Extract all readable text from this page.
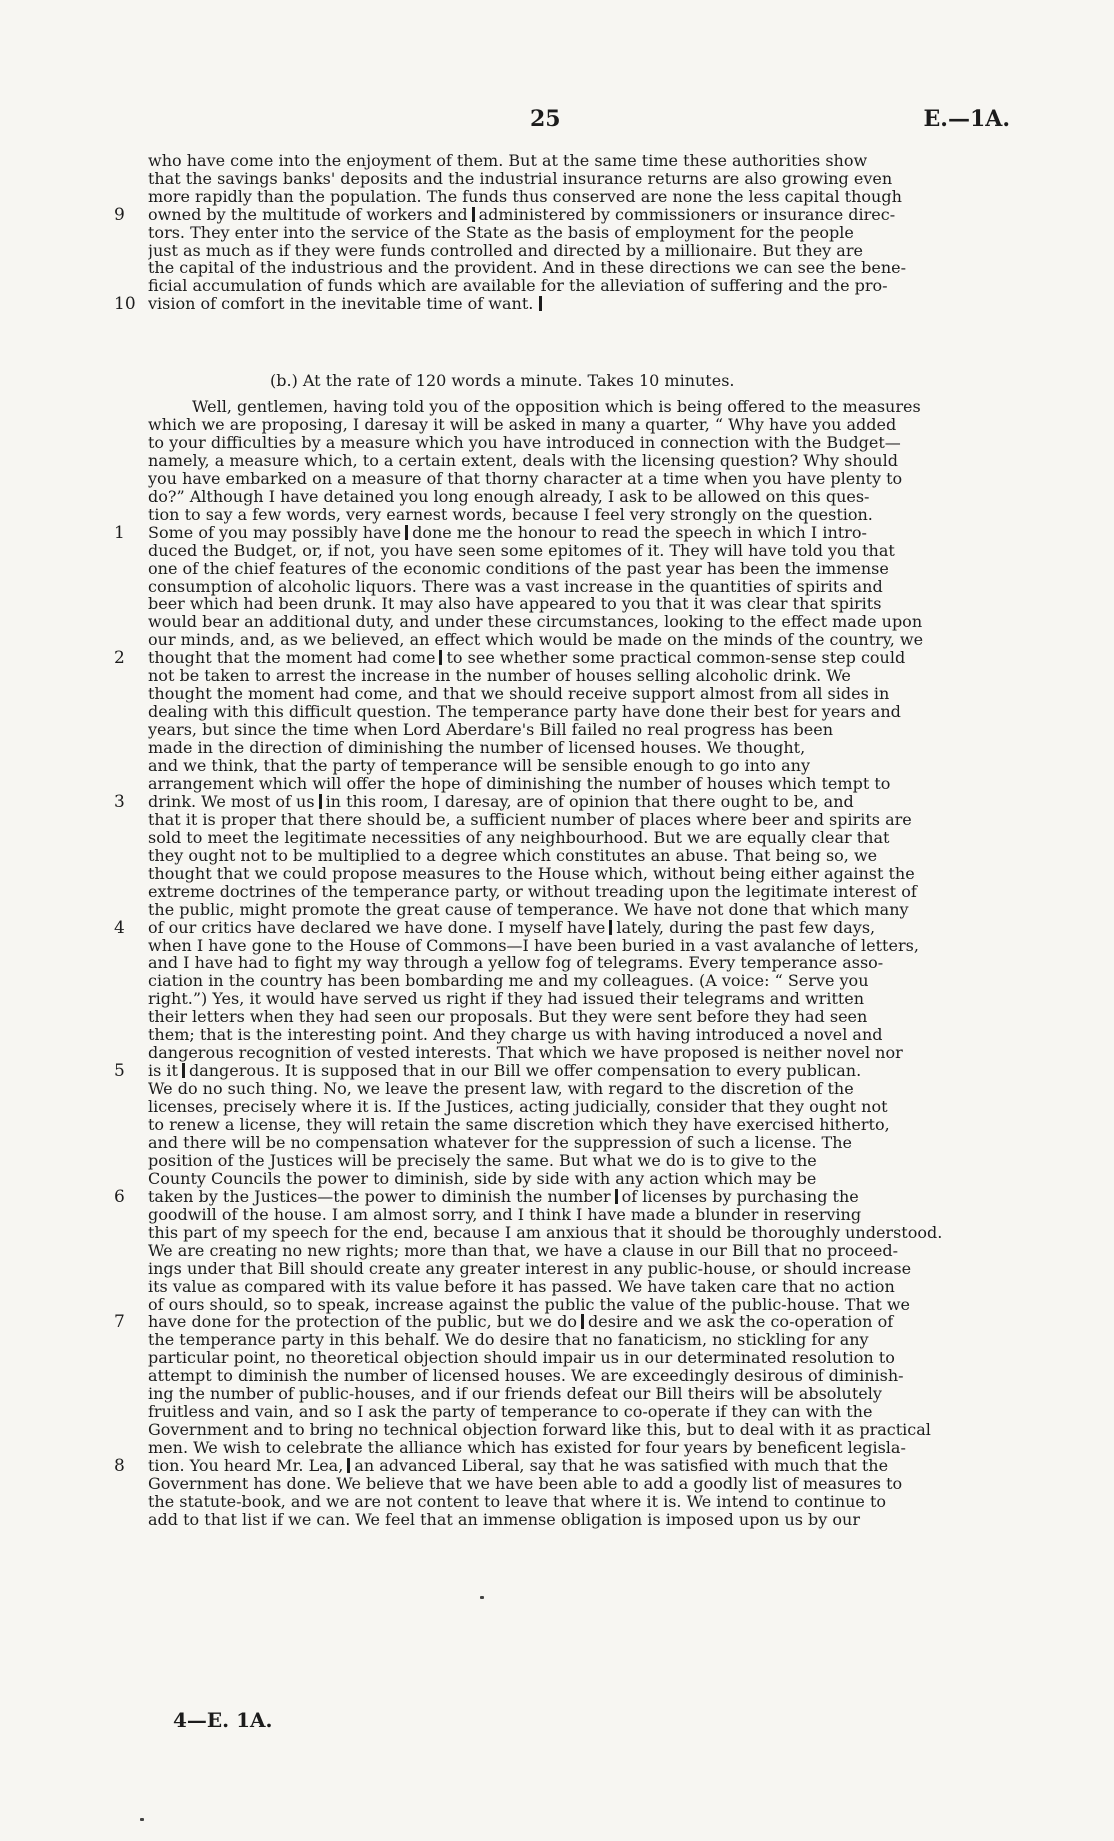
25	E.—1A.
who have come into the enjoyment of them. But at the same time these authorities show
that the savings banks' deposits and the industrial insurance returns are also growing even
more rapidly than the population. The funds thus conserved are none the less capital though
owned by the multitude of workers and administered by commissioners or insurance direc-
9
tors. They enter into the service of the State as the basis of employment for the people
just as much as if they were funds controlled and directed by a millionaire. But they are
the capital of the industrious and the provident. And in these directions we can see the bene-
ficial accumulation of funds which are available for the alleviation of suffering and the pro-
vision of comfort in the inevitable time of want.
10
(b.) At the rate of 120 words a minute. Takes 10 minutes.
Well, gentlemen, having told you of the opposition which is being offered to the measures
which we are proposing, I daresay it will be asked in many a quarter, “ Why have you added
to your difficulties by a measure which you have introduced in connection with the Budget—
namely, a measure which, to a certain extent, deals with the licensing question? Why should
you have embarked on a measure of that thorny character at a time when you have plenty to
do?” Although I have detained you long enough already, I ask to be allowed on this ques-
tion to say a few words, very earnest words, because I feel very strongly on the question.
Some of you may possibly have done me the honour to read the speech in which I intro-
1
duced the Budget, or, if not, you have seen some epitomes of it. They will have told you that
one of the chief features of the economic conditions of the past year has been the immense
consumption of alcoholic liquors. There was a vast increase in the quantities of spirits and
beer which had been drunk. It may also have appeared to you that it was clear that spirits
would bear an additional duty, and under these circumstances, looking to the effect made upon
our minds, and, as we believed, an effect which would be made on the minds of the country, we
thought that the moment had come to see whether some practical common-sense step could
2
not be taken to arrest the increase in the number of houses selling alcoholic drink. We
thought the moment had come, and that we should receive support almost from all sides in
dealing with this difficult question. The temperance party have done their best for years and
years, but since the time when Lord Aberdare's Bill failed no real progress has been
made in the direction of diminishing the number of licensed houses. We thought,
and we think, that the party of temperance will be sensible enough to go into any
arrangement which will offer the hope of diminishing the number of houses which tempt to
drink. We most of us in this room, I daresay, are of opinion that there ought to be, and
3
that it is proper that there should be, a sufficient number of places where beer and spirits are
sold to meet the legitimate necessities of any neighbourhood. But we are equally clear that
they ought not to be multiplied to a degree which constitutes an abuse. That being so, we
thought that we could propose measures to the House which, without being either against the
extreme doctrines of the temperance party, or without treading upon the legitimate interest of
the public, might promote the great cause of temperance. We have not done that which many
of our critics have declared we have done. I myself have lately, during the past few days,
4
when I have gone to the House of Commons—I have been buried in a vast avalanche of letters,
and I have had to fight my way through a yellow fog of telegrams. Every temperance asso-
ciation in the country has been bombarding me and my colleagues. (A voice: “ Serve you
right.”) Yes, it would have served us right if they had issued their telegrams and written
their letters when they had seen our proposals. But they were sent before they had seen
them; that is the interesting point. And they charge us with having introduced a novel and
dangerous recognition of vested interests. That which we have proposed is neither novel nor
is it dangerous. It is supposed that in our Bill we offer compensation to every publican.
5
We do no such thing. No, we leave the present law, with regard to the discretion of the
licenses, precisely where it is. If the Justices, acting judicially, consider that they ought not
to renew a license, they will retain the same discretion which they have exercised hitherto,
and there will be no compensation whatever for the suppression of such a license. The
position of the Justices will be precisely the same. But what we do is to give to the
County Councils the power to diminish, side by side with any action which may be
taken by the Justices—the power to diminish the number of licenses by purchasing the
6
goodwill of the house. I am almost sorry, and I think I have made a blunder in reserving
this part of my speech for the end, because I am anxious that it should be thoroughly understood.
We are creating no new rights; more than that, we have a clause in our Bill that no proceed-
ings under that Bill should create any greater interest in any public-house, or should increase
its value as compared with its value before it has passed. We have taken care that no action
of ours should, so to speak, increase against the public the value of the public-house. That we
have done for the protection of the public, but we do desire and we ask the co-operation of
7
the temperance party in this behalf. We do desire that no fanaticism, no stickling for any
particular point, no theoretical objection should impair us in our determinated resolution to
attempt to diminish the number of licensed houses. We are exceedingly desirous of diminish-
ing the number of public-houses, and if our friends defeat our Bill theirs will be absolutely
fruitless and vain, and so I ask the party of temperance to co-operate if they can with the
Government and to bring no technical objection forward like this, but to deal with it as practical
men. We wish to celebrate the alliance which has existed for four years by beneficent legisla-
tion. You heard Mr. Lea, an advanced Liberal, say that he was satisfied with much that the
8
Government has done. We believe that we have been able to add a goodly list of measures to
the statute-book, and we are not content to leave that where it is. We intend to continue to
add to that list if we can. We feel that an immense obligation is imposed upon us by our
4—E. 1A.
